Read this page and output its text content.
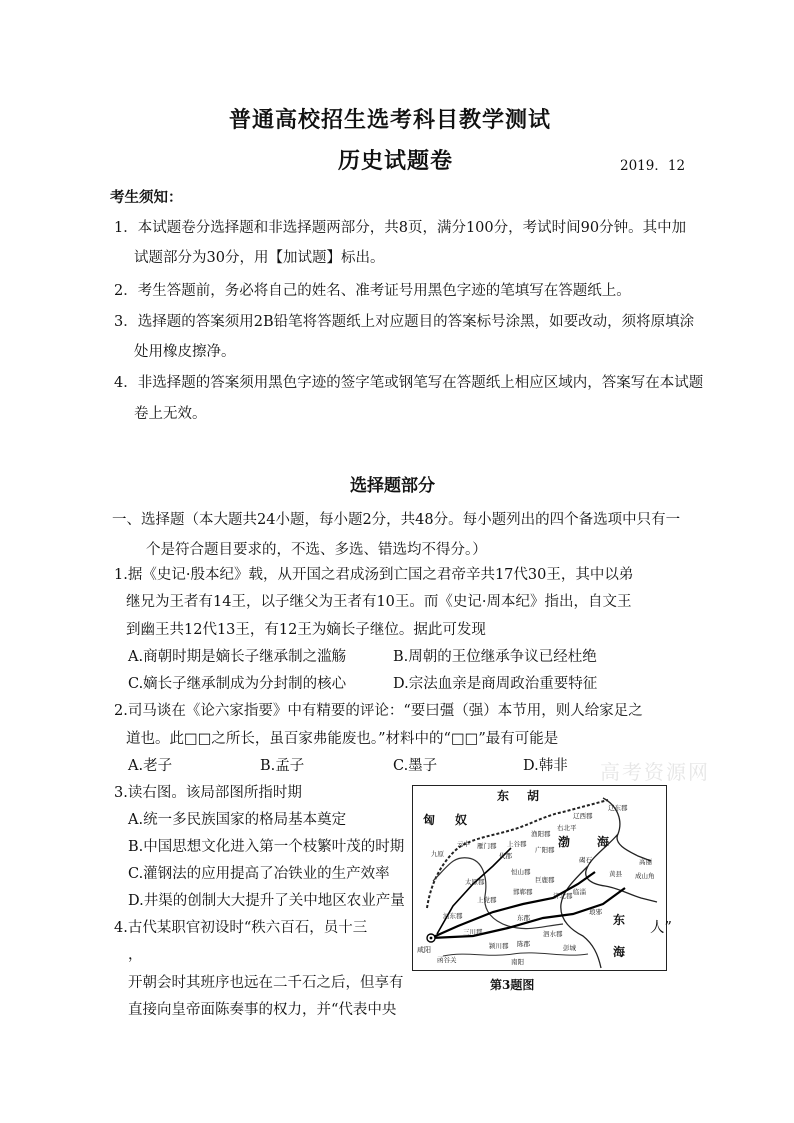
普通高校招生选考科目教学测试
历史试题卷	2019．12
考生须知：
1．本试题卷分选择题和非选择题两部分，共8页，满分100分，考试时间90分钟。其中加
试题部分为30分，用【加试题】标出。
2．考生答题前，务必将自己的姓名、准考证号用黑色字迹的笔填写在答题纸上。
3．选择题的答案须用2B铅笔将答题纸上对应题目的答案标号涂黑，如要改动，须将原填涂
处用橡皮擦净。
4．非选择题的答案须用黑色字迹的签字笔或钢笔写在答题纸上相应区域内，答案写在本试题
卷上无效。
选择题部分
一、选择题（本大题共24小题，每小题2分，共48分。每小题列出的四个备选项中只有一
个是符合题目要求的，不选、多选、错选均不得分。）
1.据《史记·殷本纪》载，从开国之君成汤到亡国之君帝辛共17代30王，其中以弟
继兄为王者有14王，以子继父为王者有10王。而《史记·周本纪》指出，自文王
到幽王共12代13王，有12王为嫡长子继位。据此可发现
A.商朝时期是嫡长子继承制之滥觞	B.周朝的王位继承争议已经杜绝
C.嫡长子继承制成为分封制的核心	D.宗法血亲是商周政治重要特征
2.司马谈在《论六家指要》中有精要的评论：“要曰彊（强）本节用，则人给家足之
道也。此□□之所长，虽百家弗能废也。”材料中的“□□”最有可能是
A.老子	B.孟子	C.墨子	D.韩非 高考资源网
3.读右图。该局部图所指时期
A.统一多民族国家的格局基本奠定
B.中国思想文化进入第一个枝繁叶茂的时期
C.灌钢法的应用提高了冶铁业的生产效率
D.井渠的创制大大提升了关中地区农业产量
东 胡
匈 奴	辽西郡
辽东郡
渔阳郡
右北平
上谷郡
代郡
雁门郡
云中
九原	广阳郡
恒山郡
太原郡
上党郡
邯郸郡
巨鹿郡
济北郡 临淄
黄县 成山角
碣石
河东郡
三川郡
颍川郡 陈郡
东郡
琅邪
泗水郡
彭城
咸阳
函谷关	南阳
渤 海
东
海
高丽
第3题图
4.古代某职官初设时“秩六百石，员十三	人”
，
开朝会时其班序也远在二千石之后，但享有
直接向皇帝面陈奏事的权力，并“代表中央
